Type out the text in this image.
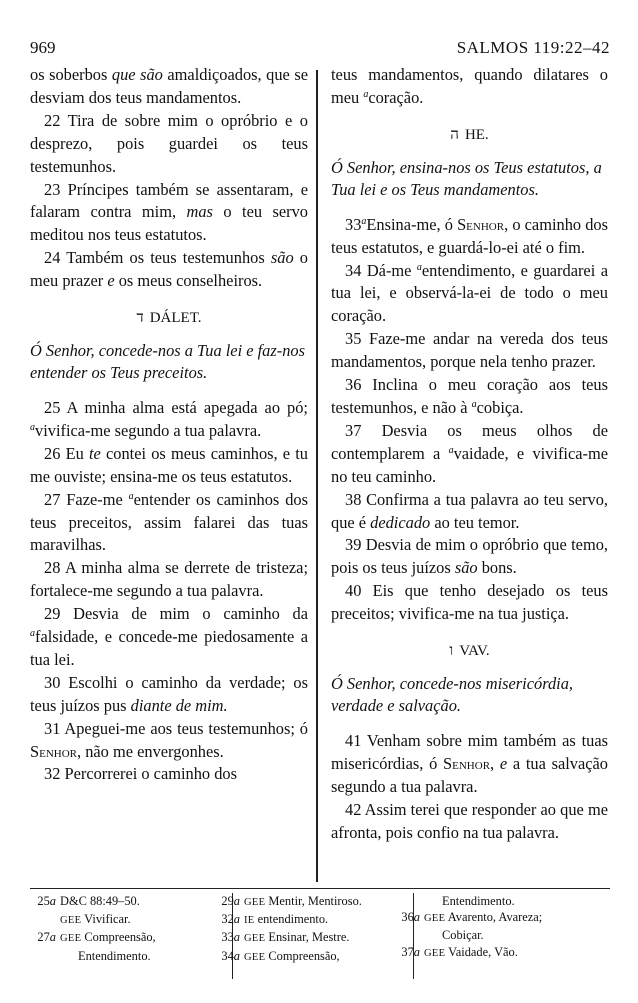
969	SALMOS 119:22–42

os soberbos que são amaldiçoados, que se desviam dos teus mandamentos.

22 Tira de sobre mim o opróbrio e o desprezo, pois guardei os teus testemunhos.

23 Príncipes também se assentaram, e falaram contra mim, mas o teu servo meditou nos teus estatutos.

24 Também os teus testemunhos são o meu prazer e os meus conselheiros.

ד DÁLET.

Ó Senhor, concede-nos a Tua lei e faz-nos entender os Teus preceitos.

25 A minha alma está apegada ao pó; $^a$vivifica-me segundo a tua palavra.

26 Eu te contei os meus caminhos, e tu me ouviste; ensina-me os teus estatutos.

27 Faze-me $^a$entender os caminhos dos teus preceitos, assim falarei das tuas maravilhas.

28 A minha alma se derrete de tristeza; fortalece-me segundo a tua palavra.

29 Desvia de mim o caminho da $^a$falsidade, e concede-me piedosamente a tua lei.

30 Escolhi o caminho da verdade; os teus juízos pus diante de mim.

31 Apeguei-me aos teus testemunhos; ó Senhor, não me envergonhes.

32 Percorrerei o caminho dos

teus mandamentos, quando dilatares o meu $^a$coração.

ה HE.

Ó Senhor, ensina-nos os Teus estatutos, a Tua lei e os Teus mandamentos.

33$^a$Ensina-me, ó Senhor, o caminho dos teus estatutos, e guardá-lo-ei até o fim.

34 Dá-me $^a$entendimento, e guardarei a tua lei, e observá-la-ei de todo o meu coração.

35 Faze-me andar na vereda dos teus mandamentos, porque nela tenho prazer.

36 Inclina o meu coração aos teus testemunhos, e não à $^a$cobiça.

37 Desvia os meus olhos de contemplarem a $^a$vaidade, e vivifica-me no teu caminho.

38 Confirma a tua palavra ao teu servo, que é dedicado ao teu temor.

39 Desvia de mim o opróbrio que temo, pois os teus juízos são bons.

40 Eis que tenho desejado os teus preceitos; vivifica-me na tua justiça.

ו VAV.

Ó Senhor, concede-nos misericórdia, verdade e salvação.

41 Venham sobre mim também as tuas misericórdias, ó Senhor, e a tua salvação segundo a tua palavra.

42 Assim terei que responder ao que me afronta, pois confio na tua palavra.

25a D&C 88:49–50.
GEE Vivificar.
27a GEE Compreensão,
Entendimento.
29a GEE Mentir, Mentiroso.
32a IE entendimento.
33a GEE Ensinar, Mestre.
34a GEE Compreensão,
Entendimento.
36a GEE Avarento, Avareza;
Cobiçar.
37a GEE Vaidade, Vão.
